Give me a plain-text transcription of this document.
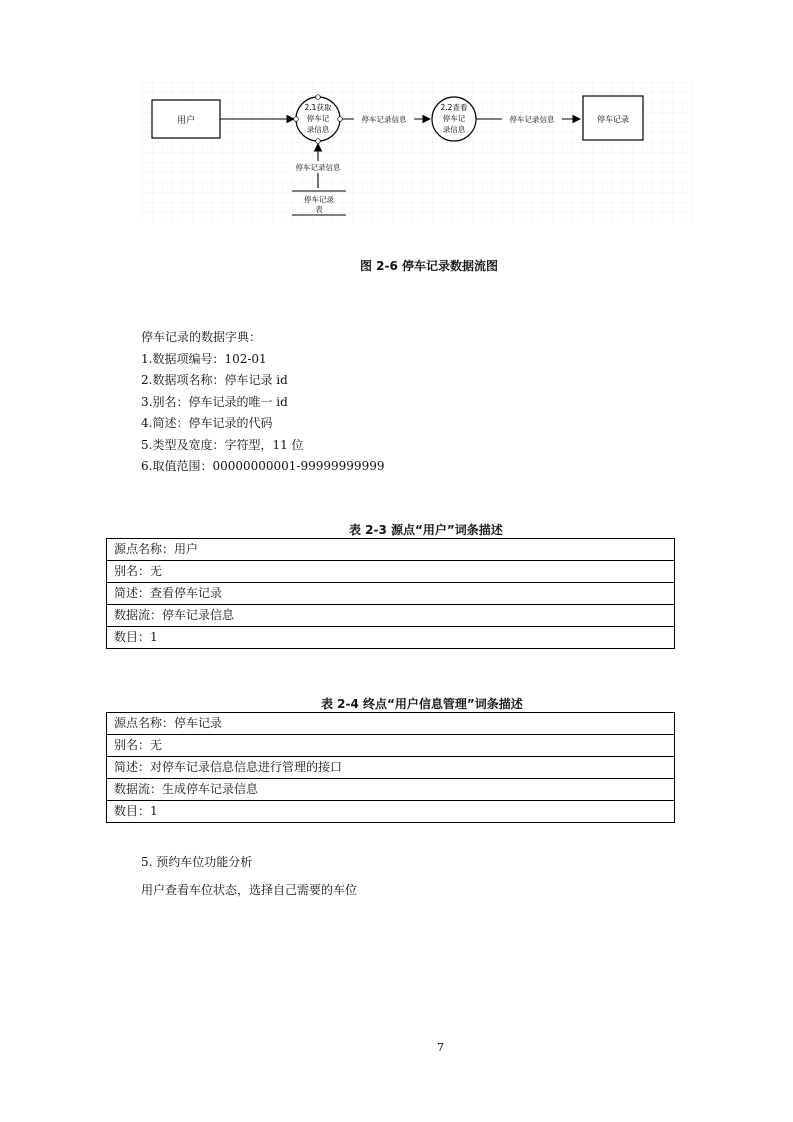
用户
2.1获取
停车记
录信息
停车记录信息
2.2查看
停车记
录信息
停车记录信息	停车记录
停车记录信息
停车记录
表
图 2-6 停车记录数据流图
停车记录的数据字典：
1.数据项编号：102-01
2.数据项名称：停车记录 id
3.别名：停车记录的唯一 id
4.简述：停车记录的代码
5.类型及宽度：字符型，11 位
6.取值范围：00000000001-99999999999
表 2-3 源点“用户”词条描述
源点名称：用户
别名：无
简述：查看停车记录
数据流：停车记录信息
数目：1
表 2-4 终点“用户信息管理”词条描述
源点名称：停车记录
别名：无
简述：对停车记录信息信息进行管理的接口
数据流：生成停车记录信息
数目：1
5. 预约车位功能分析
用户查看车位状态，选择自己需要的车位
7
